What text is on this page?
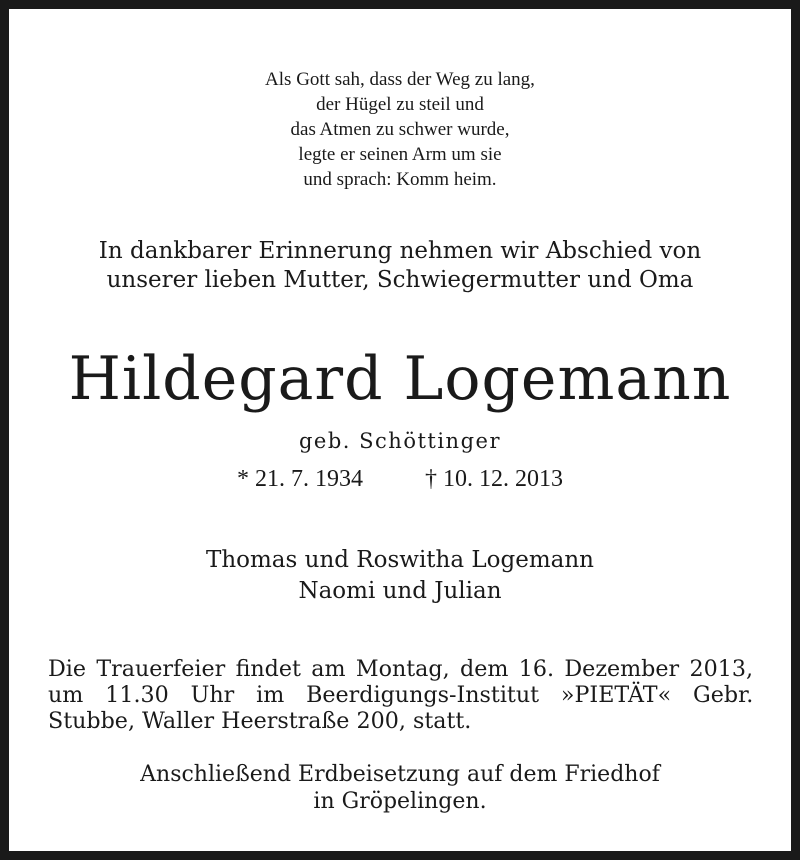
Als Gott sah, dass der Weg zu lang,
der Hügel zu steil und
das Atmen zu schwer wurde,
legte er seinen Arm um sie
und sprach: Komm heim.
In dankbarer Erinnerung nehmen wir Abschied von
unserer lieben Mutter, Schwiegermutter und Oma
Hildegard Logemann
geb. Schöttinger
* 21. 7. 1934	† 10. 12. 2013
Thomas und Roswitha Logemann
Naomi und Julian
Die Trauerfeier findet am Montag, dem 16. Dezember 2013,
um 11.30 Uhr im Beerdigungs-Institut »PIETÄT« Gebr.
Stubbe, Waller Heerstraße 200, statt.
Anschließend Erdbeisetzung auf dem Friedhof
in Gröpelingen.
